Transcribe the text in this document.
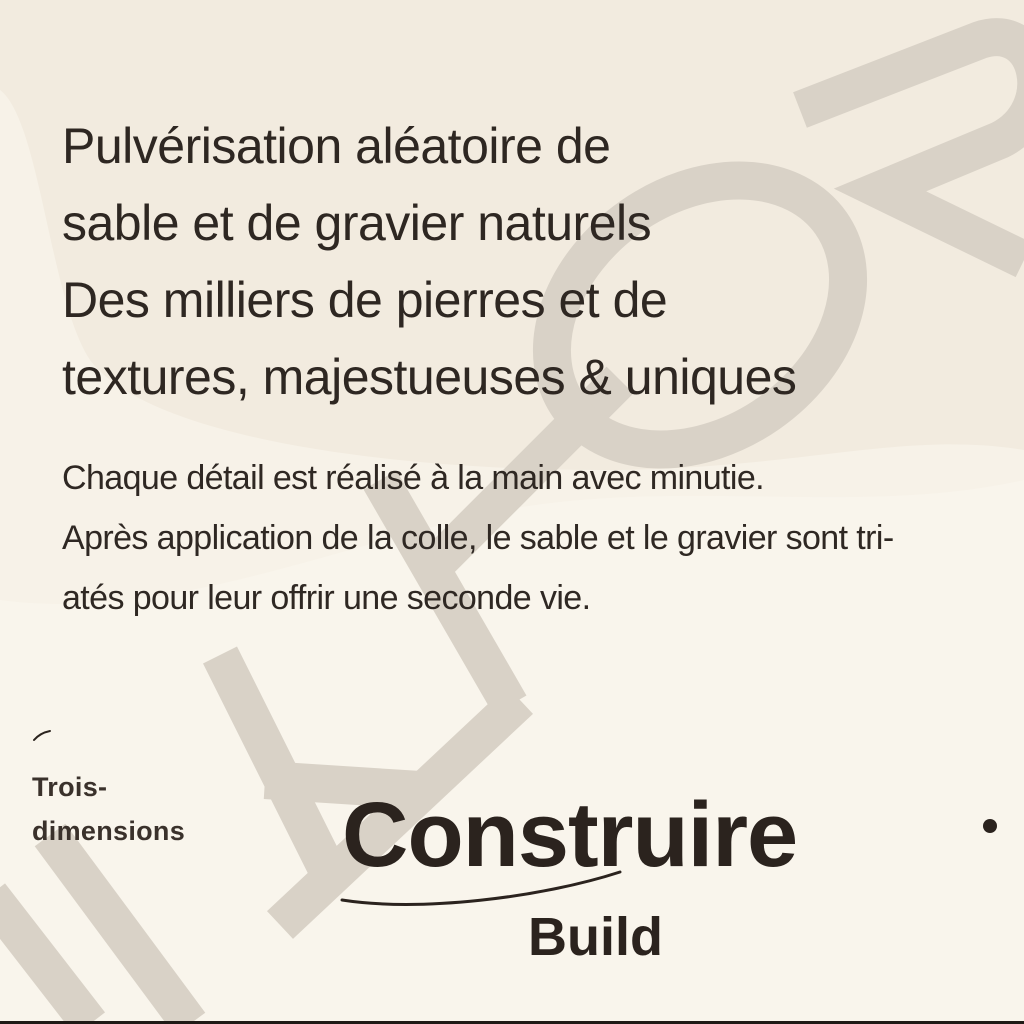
Pulvérisation aléatoire de
sable et de gravier naturels
Des milliers de pierres et de
textures, majestueuses & uniques

Chaque détail est réalisé à la main avec minutie.
Après application de la colle, le sable et le gravier sont tri-
atés pour leur offrir une seconde vie.

Trois-
dimensions Construire
Build
